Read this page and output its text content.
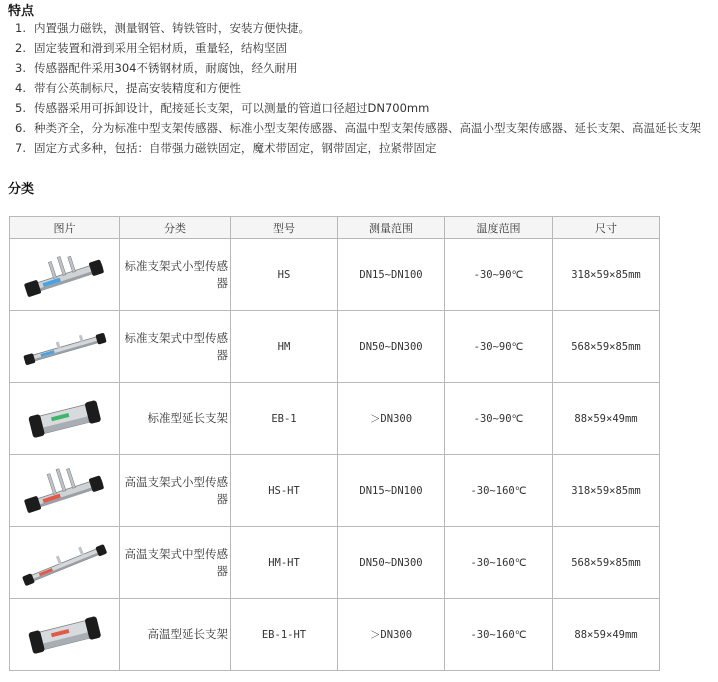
特点
1. 内置强力磁铁，测量钢管、铸铁管时，安装方便快捷。
2. 固定装置和滑到采用全铝材质，重量轻，结构坚固
3. 传感器配件采用304不锈钢材质，耐腐蚀，经久耐用
4. 带有公英制标尺，提高安装精度和方便性
5. 传感器采用可拆卸设计，配接延长支架，可以测量的管道口径超过DN700mm
6. 种类齐全，分为标准中型支架传感器、标准小型支架传感器、高温中型支架传感器、高温小型支架传感器、延长支架、高温延长支架
7. 固定方式多种，包括：自带强力磁铁固定，魔术带固定，钢带固定，拉紧带固定
分类
图片	分类	型号	测量范围	温度范围	尺寸

	标准支架式小型传感器	HS	DN15~DN100	-30~90℃	318×59×85mm

	标准支架式中型传感器	HM	DN50~DN300	-30~90℃	568×59×85mm

	标准型延长支架	EB-1	＞DN300	-30~90℃	88×59×49mm

	高温支架式小型传感器	HS-HT	DN15~DN100	-30~160℃	318×59×85mm

	高温支架式中型传感器	HM-HT	DN50~DN300	-30~160℃	568×59×85mm

	高温型延长支架	EB-1-HT	＞DN300	-30~160℃	88×59×49mm
